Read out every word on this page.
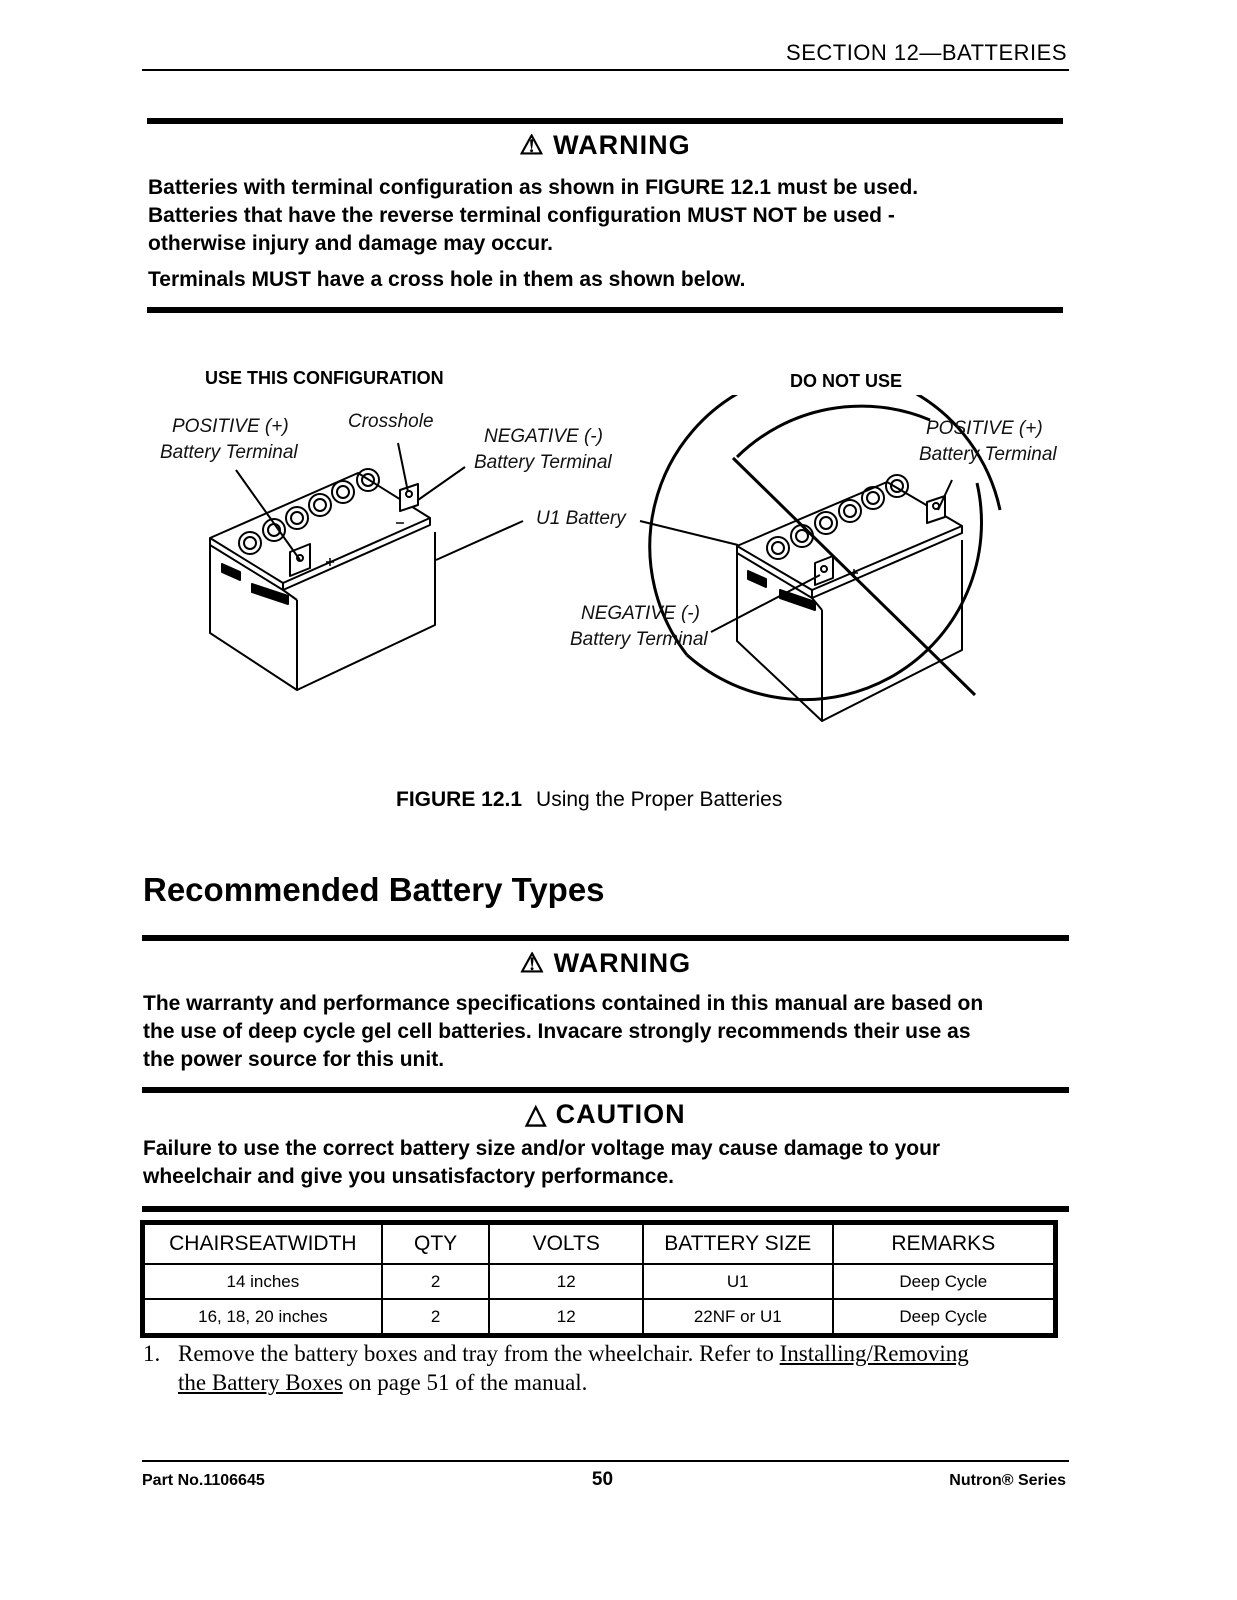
SECTION 12—BATTERIES
⚠ WARNING
Batteries with terminal configuration as shown in FIGURE 12.1 must be used.
Batteries that have the reverse terminal configuration MUST NOT be used -
otherwise injury and damage may occur.
Terminals MUST have a cross hole in them as shown below.
USE THIS CONFIGURATION	DO NOT USE
POSITIVE (+)
Battery Terminal
Crosshole
NEGATIVE (-)
Battery Terminal
U1 Battery
NEGATIVE (-)
Battery Terminal
POSITIVE (+)
Battery Terminal
FIGURE 12.1 Using the Proper Batteries
Recommended Battery Types
⚠ WARNING
The warranty and performance specifications contained in this manual are based on
the use of deep cycle gel cell batteries. Invacare strongly recommends their use as
the power source for this unit.
△ CAUTION
Failure to use the correct battery size and/or voltage may cause damage to your
wheelchair and give you unsatisfactory performance.
CHAIRSEATWIDTH	QTY	VOLTS	BATTERY SIZE	REMARKS
14 inches	2	12	U1	Deep Cycle
16, 18, 20 inches	2	12	22NF or U1	Deep Cycle
1. Remove the battery boxes and tray from the wheelchair. Refer to Installing/Removing
the Battery Boxes on page 51 of the manual.
Part No.1106645	50	Nutron® Series
